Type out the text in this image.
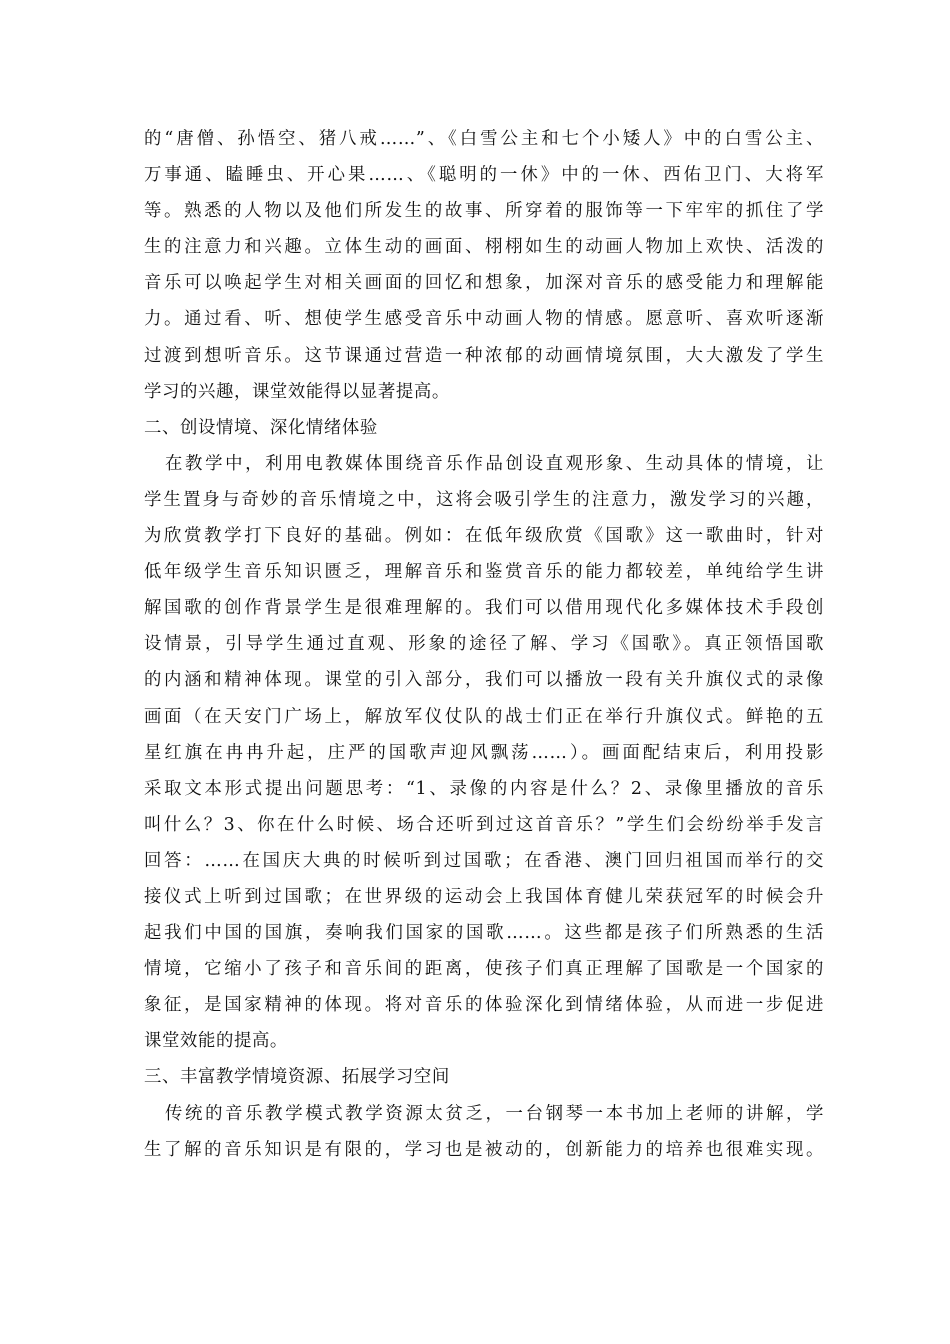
的“唐僧、孙悟空、猪八戒……”、《白雪公主和七个小矮人》中的白雪公主、
万事通、瞌睡虫、开心果……、《聪明的一休》中的一休、西佑卫门、大将军
等。熟悉的人物以及他们所发生的故事、所穿着的服饰等一下牢牢的抓住了学
生的注意力和兴趣。立体生动的画面、栩栩如生的动画人物加上欢快、活泼的
音乐可以唤起学生对相关画面的回忆和想象，加深对音乐的感受能力和理解能
力。通过看、听、想使学生感受音乐中动画人物的情感。愿意听、喜欢听逐渐
过渡到想听音乐。这节课通过营造一种浓郁的动画情境氛围，大大激发了学生
学习的兴趣，课堂效能得以显著提高。
二、创设情境、深化情绪体验
在教学中，利用电教媒体围绕音乐作品创设直观形象、生动具体的情境，让
学生置身与奇妙的音乐情境之中，这将会吸引学生的注意力，激发学习的兴趣，
为欣赏教学打下良好的基础。例如：在低年级欣赏《国歌》这一歌曲时，针对
低年级学生音乐知识匮乏，理解音乐和鉴赏音乐的能力都较差，单纯给学生讲
解国歌的创作背景学生是很难理解的。我们可以借用现代化多媒体技术手段创
设情景，引导学生通过直观、形象的途径了解、学习《国歌》。真正领悟国歌
的内涵和精神体现。课堂的引入部分，我们可以播放一段有关升旗仪式的录像
画面（在天安门广场上，解放军仪仗队的战士们正在举行升旗仪式。鲜艳的五
星红旗在冉冉升起，庄严的国歌声迎风飘荡……）。画面配结束后，利用投影
采取文本形式提出问题思考：“1、录像的内容是什么？2、录像里播放的音乐
叫什么？3、你在什么时候、场合还听到过这首音乐？”学生们会纷纷举手发言
回答：……在国庆大典的时候听到过国歌；在香港、澳门回归祖国而举行的交
接仪式上听到过国歌；在世界级的运动会上我国体育健儿荣获冠军的时候会升
起我们中国的国旗，奏响我们国家的国歌……。这些都是孩子们所熟悉的生活
情境，它缩小了孩子和音乐间的距离，使孩子们真正理解了国歌是一个国家的
象征，是国家精神的体现。将对音乐的体验深化到情绪体验，从而进一步促进
课堂效能的提高。
三、丰富教学情境资源、拓展学习空间
传统的音乐教学模式教学资源太贫乏，一台钢琴一本书加上老师的讲解，学
生了解的音乐知识是有限的，学习也是被动的，创新能力的培养也很难实现。
